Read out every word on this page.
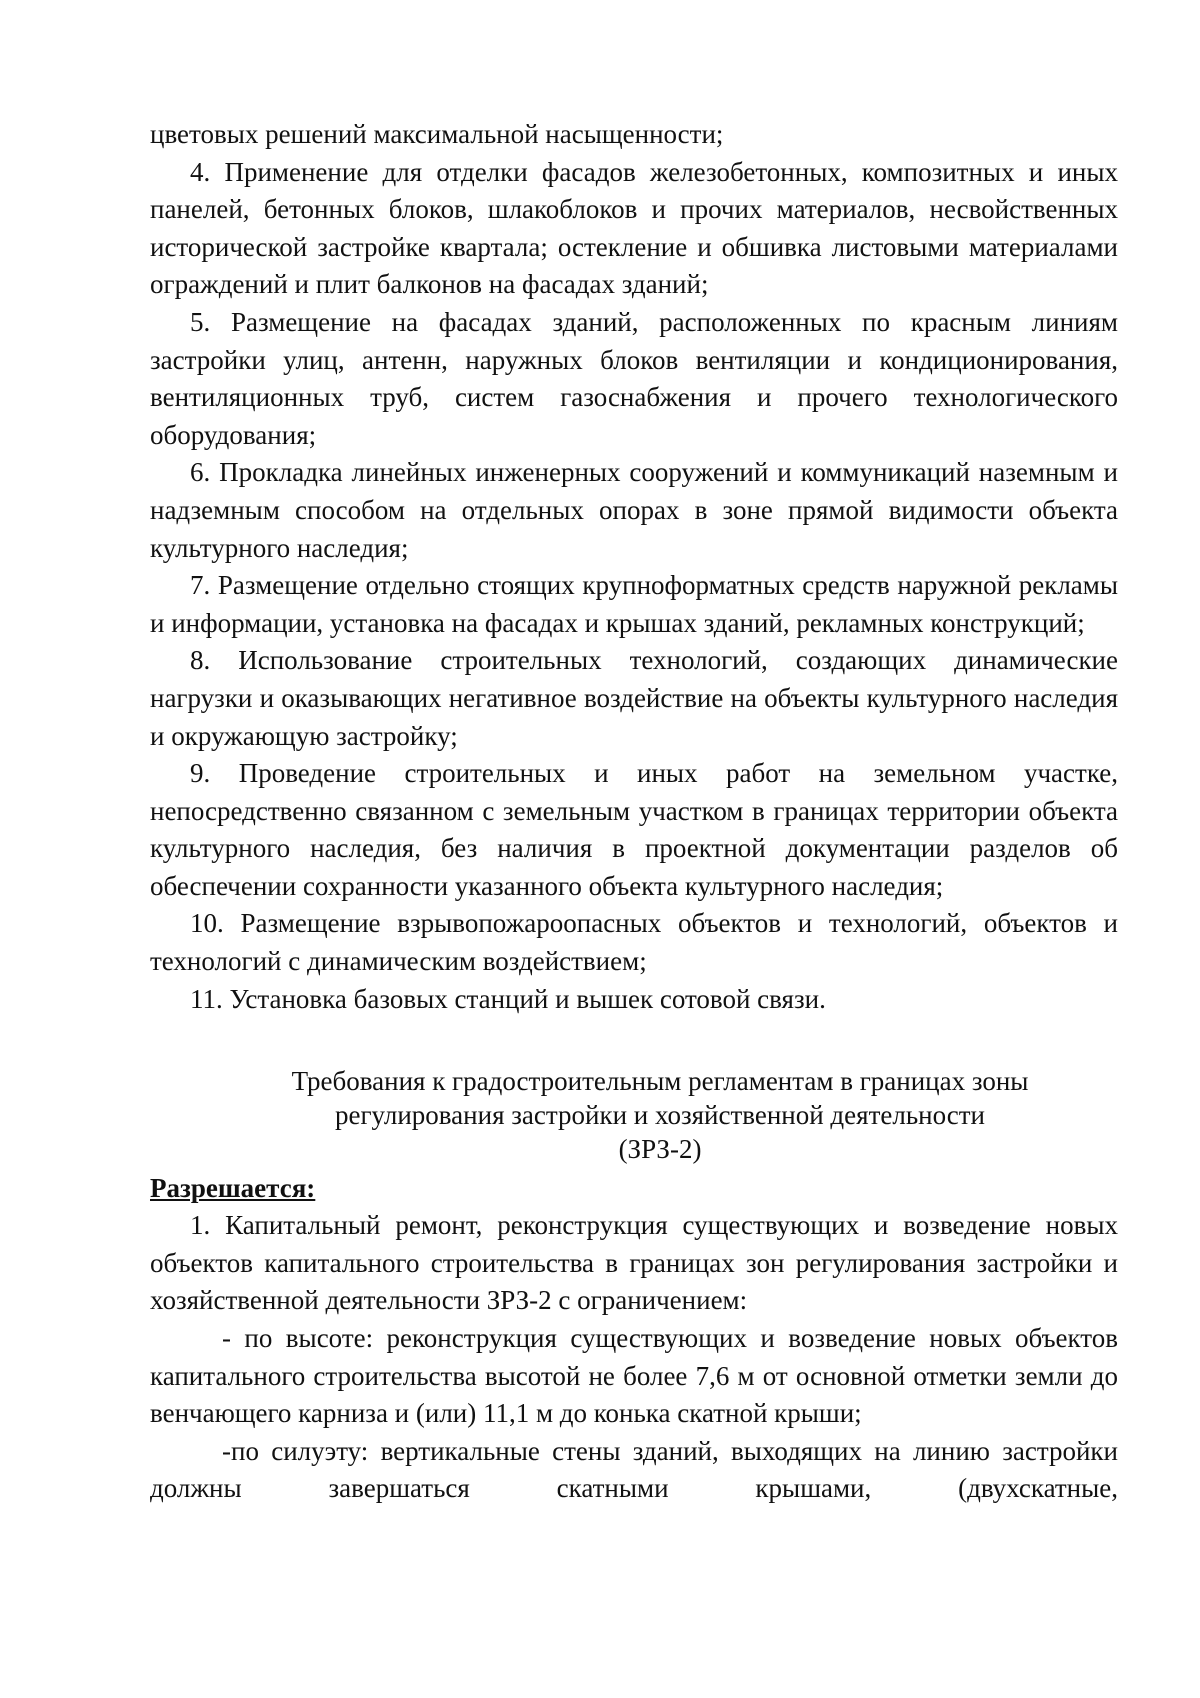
цветовых решений максимальной насыщенности;

4. Применение для отделки фасадов железобетонных, композитных и иных панелей, бетонных блоков, шлакоблоков и прочих материалов, несвойственных исторической застройке квартала; остекление и обшивка листовыми материалами ограждений и плит балконов на фасадах зданий;

5. Размещение на фасадах зданий, расположенных по красным линиям застройки улиц, антенн, наружных блоков вентиляции и кондиционирования, вентиляционных труб, систем газоснабжения и прочего технологического оборудования;

6. Прокладка линейных инженерных сооружений и коммуникаций наземным и надземным способом на отдельных опорах в зоне прямой видимости объекта культурного наследия;

7. Размещение отдельно стоящих крупноформатных средств наружной рекламы и информации, установка на фасадах и крышах зданий, рекламных конструкций;

8. Использование строительных технологий, создающих динамические нагрузки и оказывающих негативное воздействие на объекты культурного наследия и окружающую застройку;

9. Проведение строительных и иных работ на земельном участке, непосредственно связанном с земельным участком в границах территории объекта культурного наследия, без наличия в проектной документации разделов об обеспечении сохранности указанного объекта культурного наследия;

10. Размещение взрывопожароопасных объектов и технологий, объектов и технологий с динамическим воздействием;

11. Установка базовых станций и вышек сотовой связи.

Требования к градостроительным регламентам в границах зоны
регулирования застройки и хозяйственной деятельности
(ЗРЗ-2)
Разрешается:

1. Капитальный ремонт, реконструкция существующих и возведение новых объектов капитального строительства в границах зон регулирования застройки и хозяйственной деятельности ЗРЗ-2 с ограничением:

- по высоте: реконструкция существующих и возведение новых объектов капитального строительства высотой не более 7,6 м от основной отметки земли до венчающего карниза и (или) 11,1 м до конька скатной крыши;

-по силуэту: вертикальные стены зданий, выходящих на линию застройки должны завершаться скатными крышами, (двухскатные,
